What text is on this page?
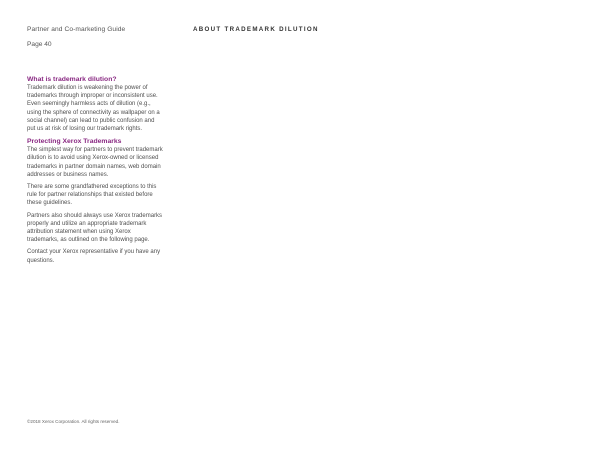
Partner and Co-marketing Guide	ABOUT TRADEMARK DILUTION
Page 40
What is trademark dilution?

Trademark dilution is weakening the power of trademarks through improper or inconsistent use. Even seemingly harmless acts of dilution (e.g., using the sphere of connectivity as wallpaper on a social channel) can lead to public confusion and put us at risk of losing our trademark rights.

Protecting Xerox Trademarks

The simplest way for partners to prevent trademark dilution is to avoid using Xerox-owned or licensed trademarks in partner domain names, web domain addresses or business names.

There are some grandfathered exceptions to this rule for partner relationships that existed before these guidelines.

Partners also should always use Xerox trademarks properly and utilize an appropriate trademark attribution statement when using Xerox trademarks, as outlined on the following page.

Contact your Xerox representative if you have any questions.

©2018 Xerox Corporation. All rights reserved.
